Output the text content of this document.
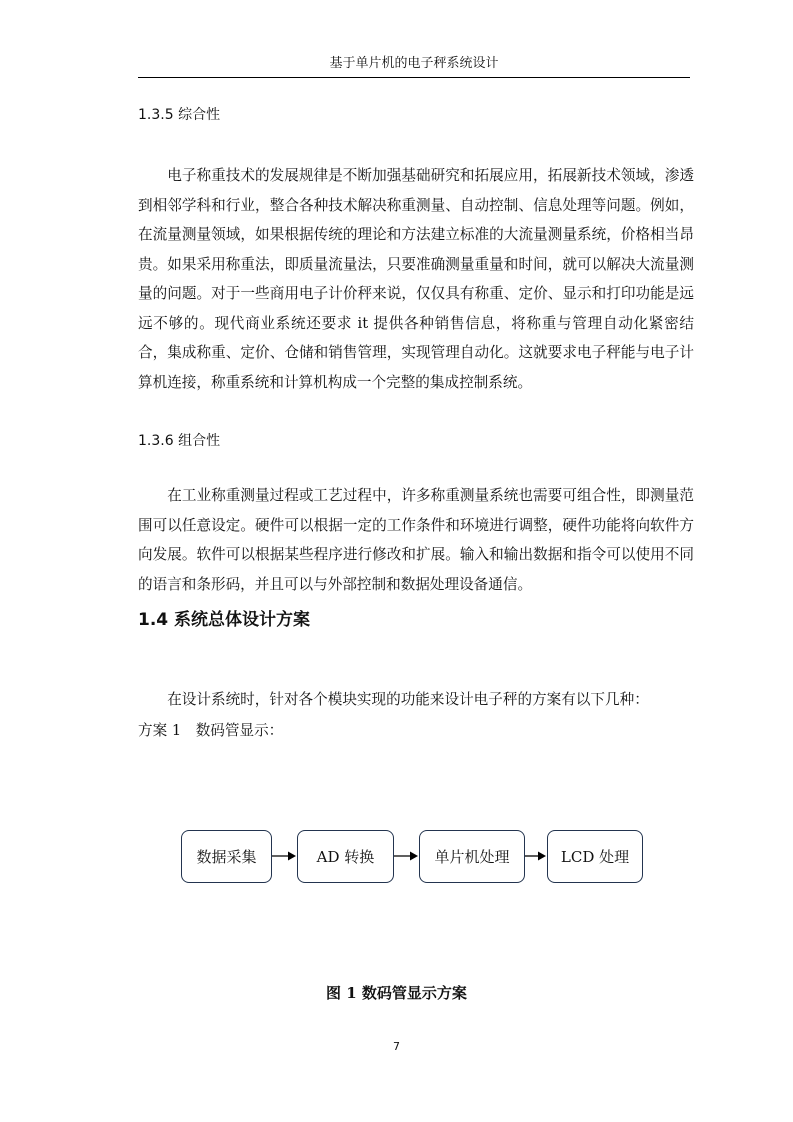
基于单片机的电子秤系统设计
1.3.5 综合性

电子称重技术的发展规律是不断加强基础研究和拓展应用，拓展新技术领域，渗透到相邻学科和行业，整合各种技术解决称重测量、自动控制、信息处理等问题。例如，在流量测量领域，如果根据传统的理论和方法建立标准的大流量测量系统，价格相当昂贵。如果采用称重法，即质量流量法，只要准确测量重量和时间，就可以解决大流量测量的问题。对于一些商用电子计价秤来说，仅仅具有称重、定价、显示和打印功能是远远不够的。现代商业系统还要求 it 提供各种销售信息，将称重与管理自动化紧密结合，集成称重、定价、仓储和销售管理，实现管理自动化。这就要求电子秤能与电子计算机连接，称重系统和计算机构成一个完整的集成控制系统。

1.3.6 组合性

在工业称重测量过程或工艺过程中，许多称重测量系统也需要可组合性，即测量范围可以任意设定。硬件可以根据一定的工作条件和环境进行调整，硬件功能将向软件方向发展。软件可以根据某些程序进行修改和扩展。输入和输出数据和指令可以使用不同的语言和条形码，并且可以与外部控制和数据处理设备通信。

1.4 系统总体设计方案

在设计系统时，针对各个模块实现的功能来设计电子秤的方案有以下几种：

方案 1　数码管显示：
数据采集	AD 转换	单片机处理	LCD 处理
图 1 数码管显示方案
7
